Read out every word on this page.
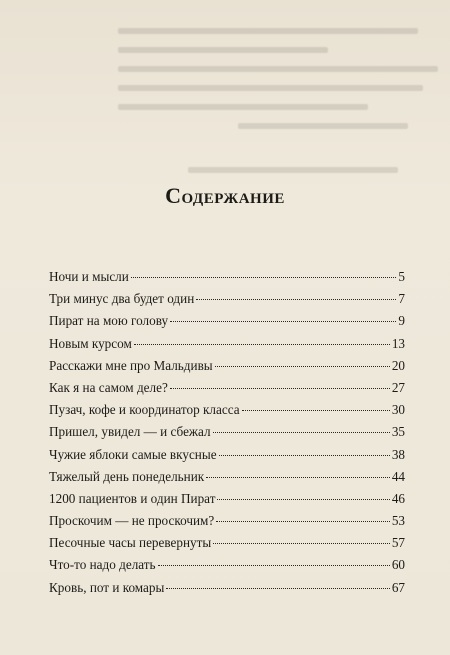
Содержание
Ночи и мысли	5
Три минус два будет один	7
Пират на мою голову	9
Новым курсом	13
Расскажи мне про Мальдивы	20
Как я на самом деле?	27
Пузач, кофе и координатор класса	30
Пришел, увидел — и сбежал	35
Чужие яблоки самые вкусные	38
Тяжелый день понедельник	44
1200 пациентов и один Пират	46
Проскочим — не проскочим?	53
Песочные часы перевернуты	57
Что-то надо делать	60
Кровь, пот и комары	67
